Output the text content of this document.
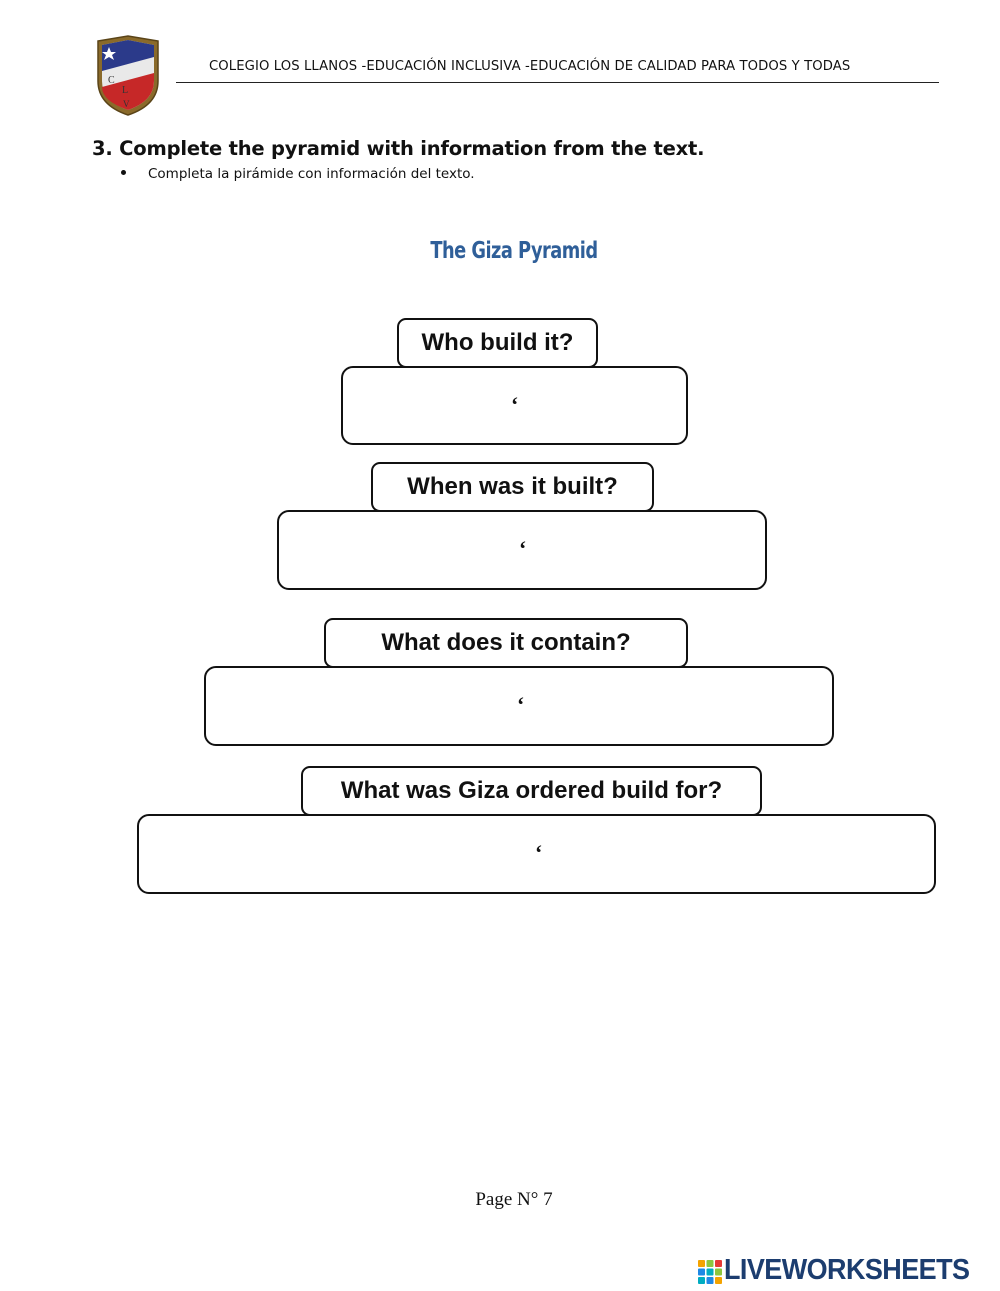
C
L
V
COLEGIO LOS LLANOS -EDUCACIÓN INCLUSIVA -EDUCACIÓN DE CALIDAD PARA TODOS Y TODAS
3. Complete the pyramid with information from the text.
Completa la pirámide con información del texto.
The Giza Pyramid
Who build it?
‘
When was it built?
‘
What does it contain?
‘
What was Giza ordered build for?
‘
Page N° 7
LIVEWORKSHEETS
